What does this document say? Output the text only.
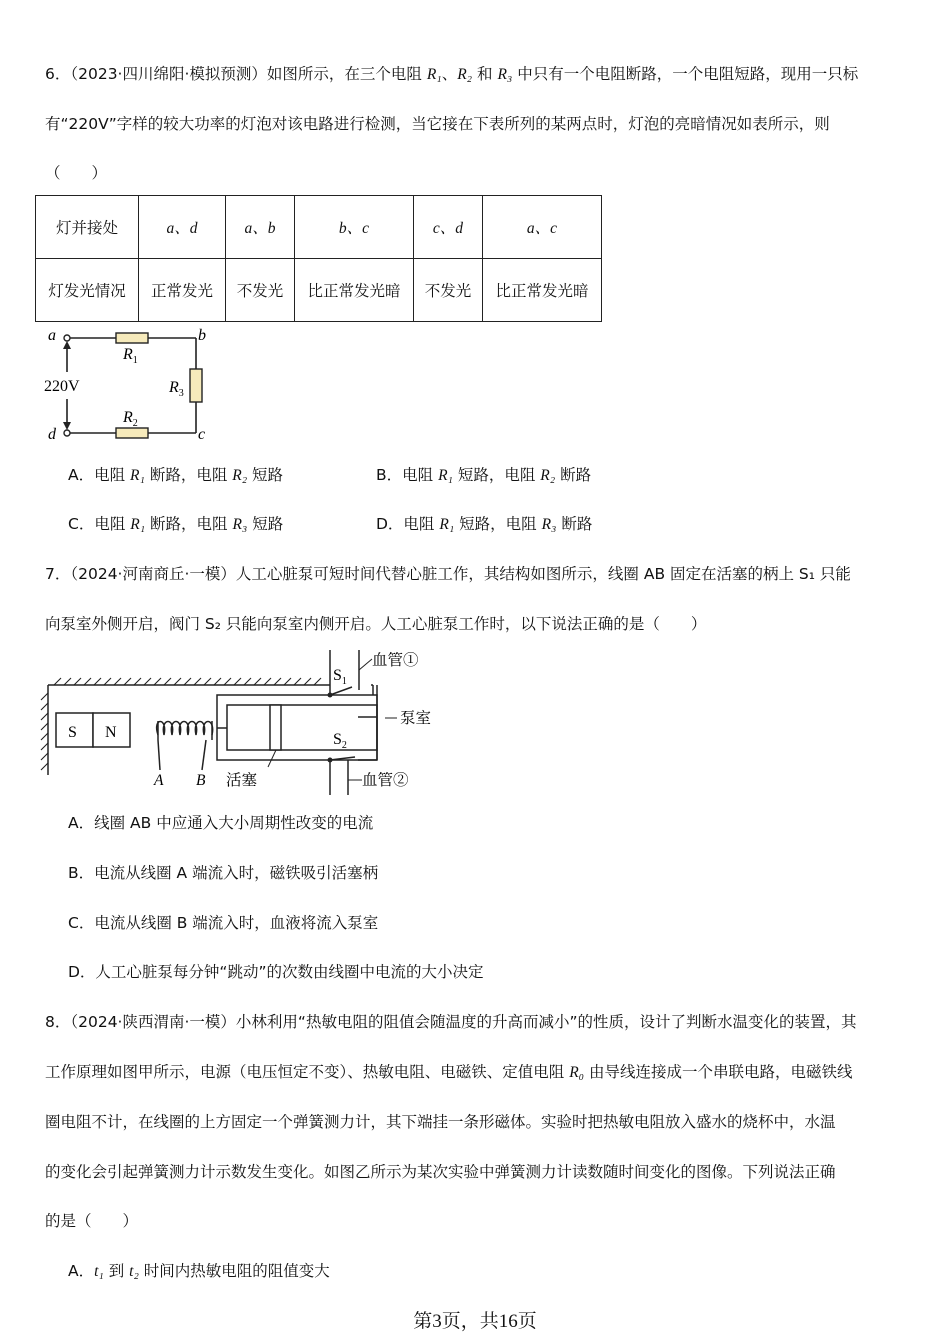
6．（2023·四川绵阳·模拟预测）如图所示，在三个电阻 R₁、R₂ 和 R₃ 中只有一个电阻断路，一个电阻短路，现用一只标
有“220V”字样的较大功率的灯泡对该电路进行检测，当它接在下表所列的某两点时，灯泡的亮暗情况如表所示，则
（　　）
灯并接处	a、d	a、b	b、c	c、d	a、c
灯发光情况	正常发光	不发光	比正常发光暗	不发光	比正常发光暗
a	b
c
d
220V
$R_1$
$R_2$
$R_3$
A．电阻 R₁ 断路，电阻 R₂ 短路	B．电阻 R₁ 短路，电阻 R₂ 断路
C．电阻 R₁ 断路，电阻 R₃ 短路	D．电阻 R₁ 短路，电阻 R₃ 断路
7．（2024·河南商丘·一模）人工心脏泵可短时间代替心脏工作，其结构如图所示，线圈 AB 固定在活塞的柄上 S₁ 只能
向泵室外侧开启，阀门 S₂ 只能向泵室内侧开启。人工心脏泵工作时，以下说法正确的是（　　）
S N
$S_1$
$S_2$
血管①
泵室
血管②
活塞
A B
A．线圈 AB 中应通入大小周期性改变的电流
B．电流从线圈 A 端流入时，磁铁吸引活塞柄
C．电流从线圈 B 端流入时，血液将流入泵室
D．人工心脏泵每分钟“跳动”的次数由线圈中电流的大小决定
8．（2024·陕西渭南·一模）小林利用“热敏电阻的阻值会随温度的升高而减小”的性质，设计了判断水温变化的装置，其
工作原理如图甲所示，电源（电压恒定不变）、热敏电阻、电磁铁、定值电阻 R₀ 由导线连接成一个串联电路，电磁铁线
圈电阻不计，在线圈的上方固定一个弹簧测力计，其下端挂一条形磁体。实验时把热敏电阻放入盛水的烧杯中，水温
的变化会引起弹簧测力计示数发生变化。如图乙所示为某次实验中弹簧测力计读数随时间变化的图像。下列说法正确
的是（　　）
A．t₁ 到 t₂ 时间内热敏电阻的阻值变大
第3页，共16页
